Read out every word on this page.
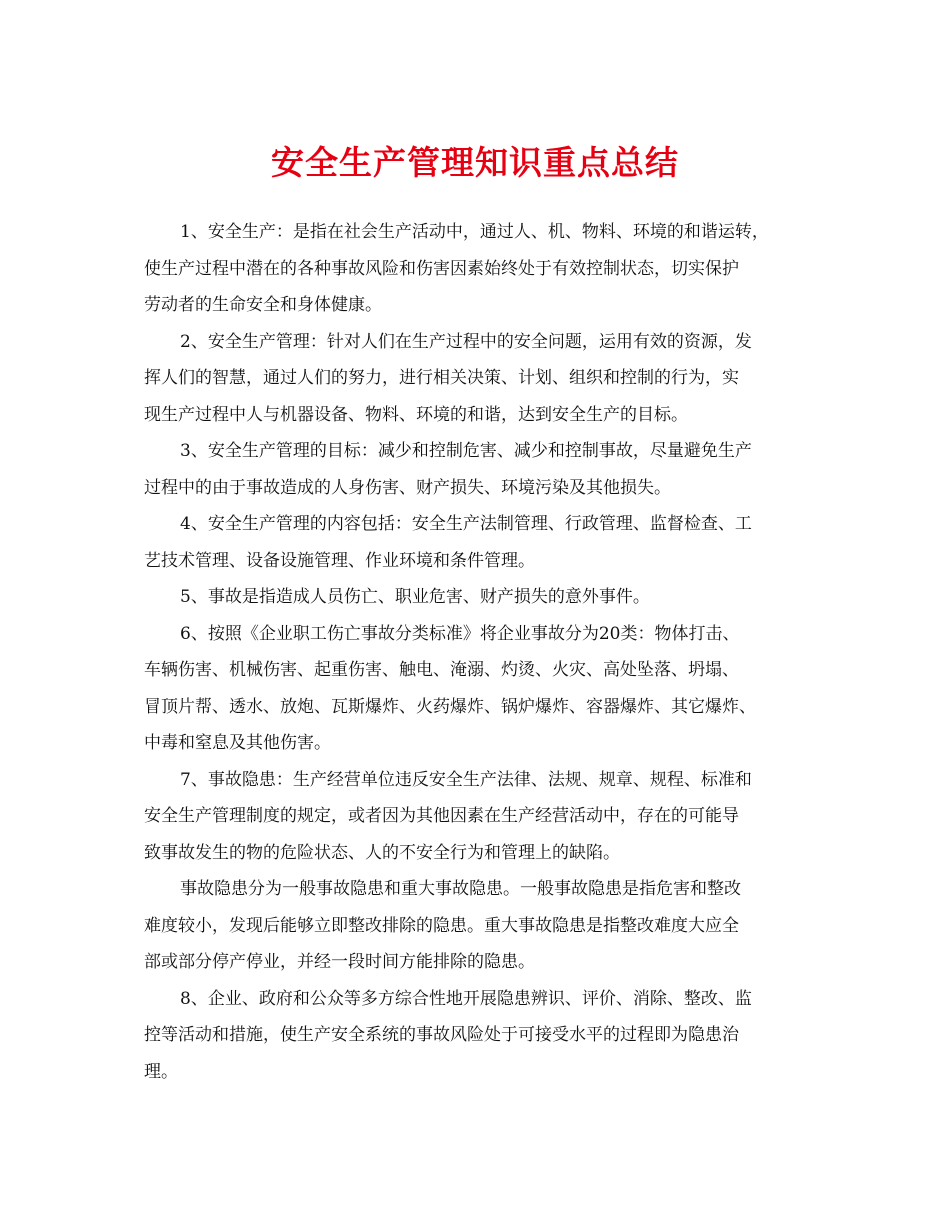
安全生产管理知识重点总结

1、安全生产：是指在社会生产活动中，通过人、机、物料、环境的和谐运转，
使生产过程中潜在的各种事故风险和伤害因素始终处于有效控制状态，切实保护
劳动者的生命安全和身体健康。

2、安全生产管理：针对人们在生产过程中的安全问题，运用有效的资源，发
挥人们的智慧，通过人们的努力，进行相关决策、计划、组织和控制的行为，实
现生产过程中人与机器设备、物料、环境的和谐，达到安全生产的目标。

3、安全生产管理的目标：减少和控制危害、减少和控制事故，尽量避免生产
过程中的由于事故造成的人身伤害、财产损失、环境污染及其他损失。

4、安全生产管理的内容包括：安全生产法制管理、行政管理、监督检查、工
艺技术管理、设备设施管理、作业环境和条件管理。

5、事故是指造成人员伤亡、职业危害、财产损失的意外事件。

6、按照《企业职工伤亡事故分类标准》将企业事故分为20类：物体打击、
车辆伤害、机械伤害、起重伤害、触电、淹溺、灼烫、火灾、高处坠落、坍塌、
冒顶片帮、透水、放炮、瓦斯爆炸、火药爆炸、锅炉爆炸、容器爆炸、其它爆炸、
中毒和窒息及其他伤害。

7、事故隐患：生产经营单位违反安全生产法律、法规、规章、规程、标准和
安全生产管理制度的规定，或者因为其他因素在生产经营活动中，存在的可能导
致事故发生的物的危险状态、人的不安全行为和管理上的缺陷。

事故隐患分为一般事故隐患和重大事故隐患。一般事故隐患是指危害和整改
难度较小，发现后能够立即整改排除的隐患。重大事故隐患是指整改难度大应全
部或部分停产停业，并经一段时间方能排除的隐患。

8、企业、政府和公众等多方综合性地开展隐患辨识、评价、消除、整改、监
控等活动和措施，使生产安全系统的事故风险处于可接受水平的过程即为隐患治
理。
